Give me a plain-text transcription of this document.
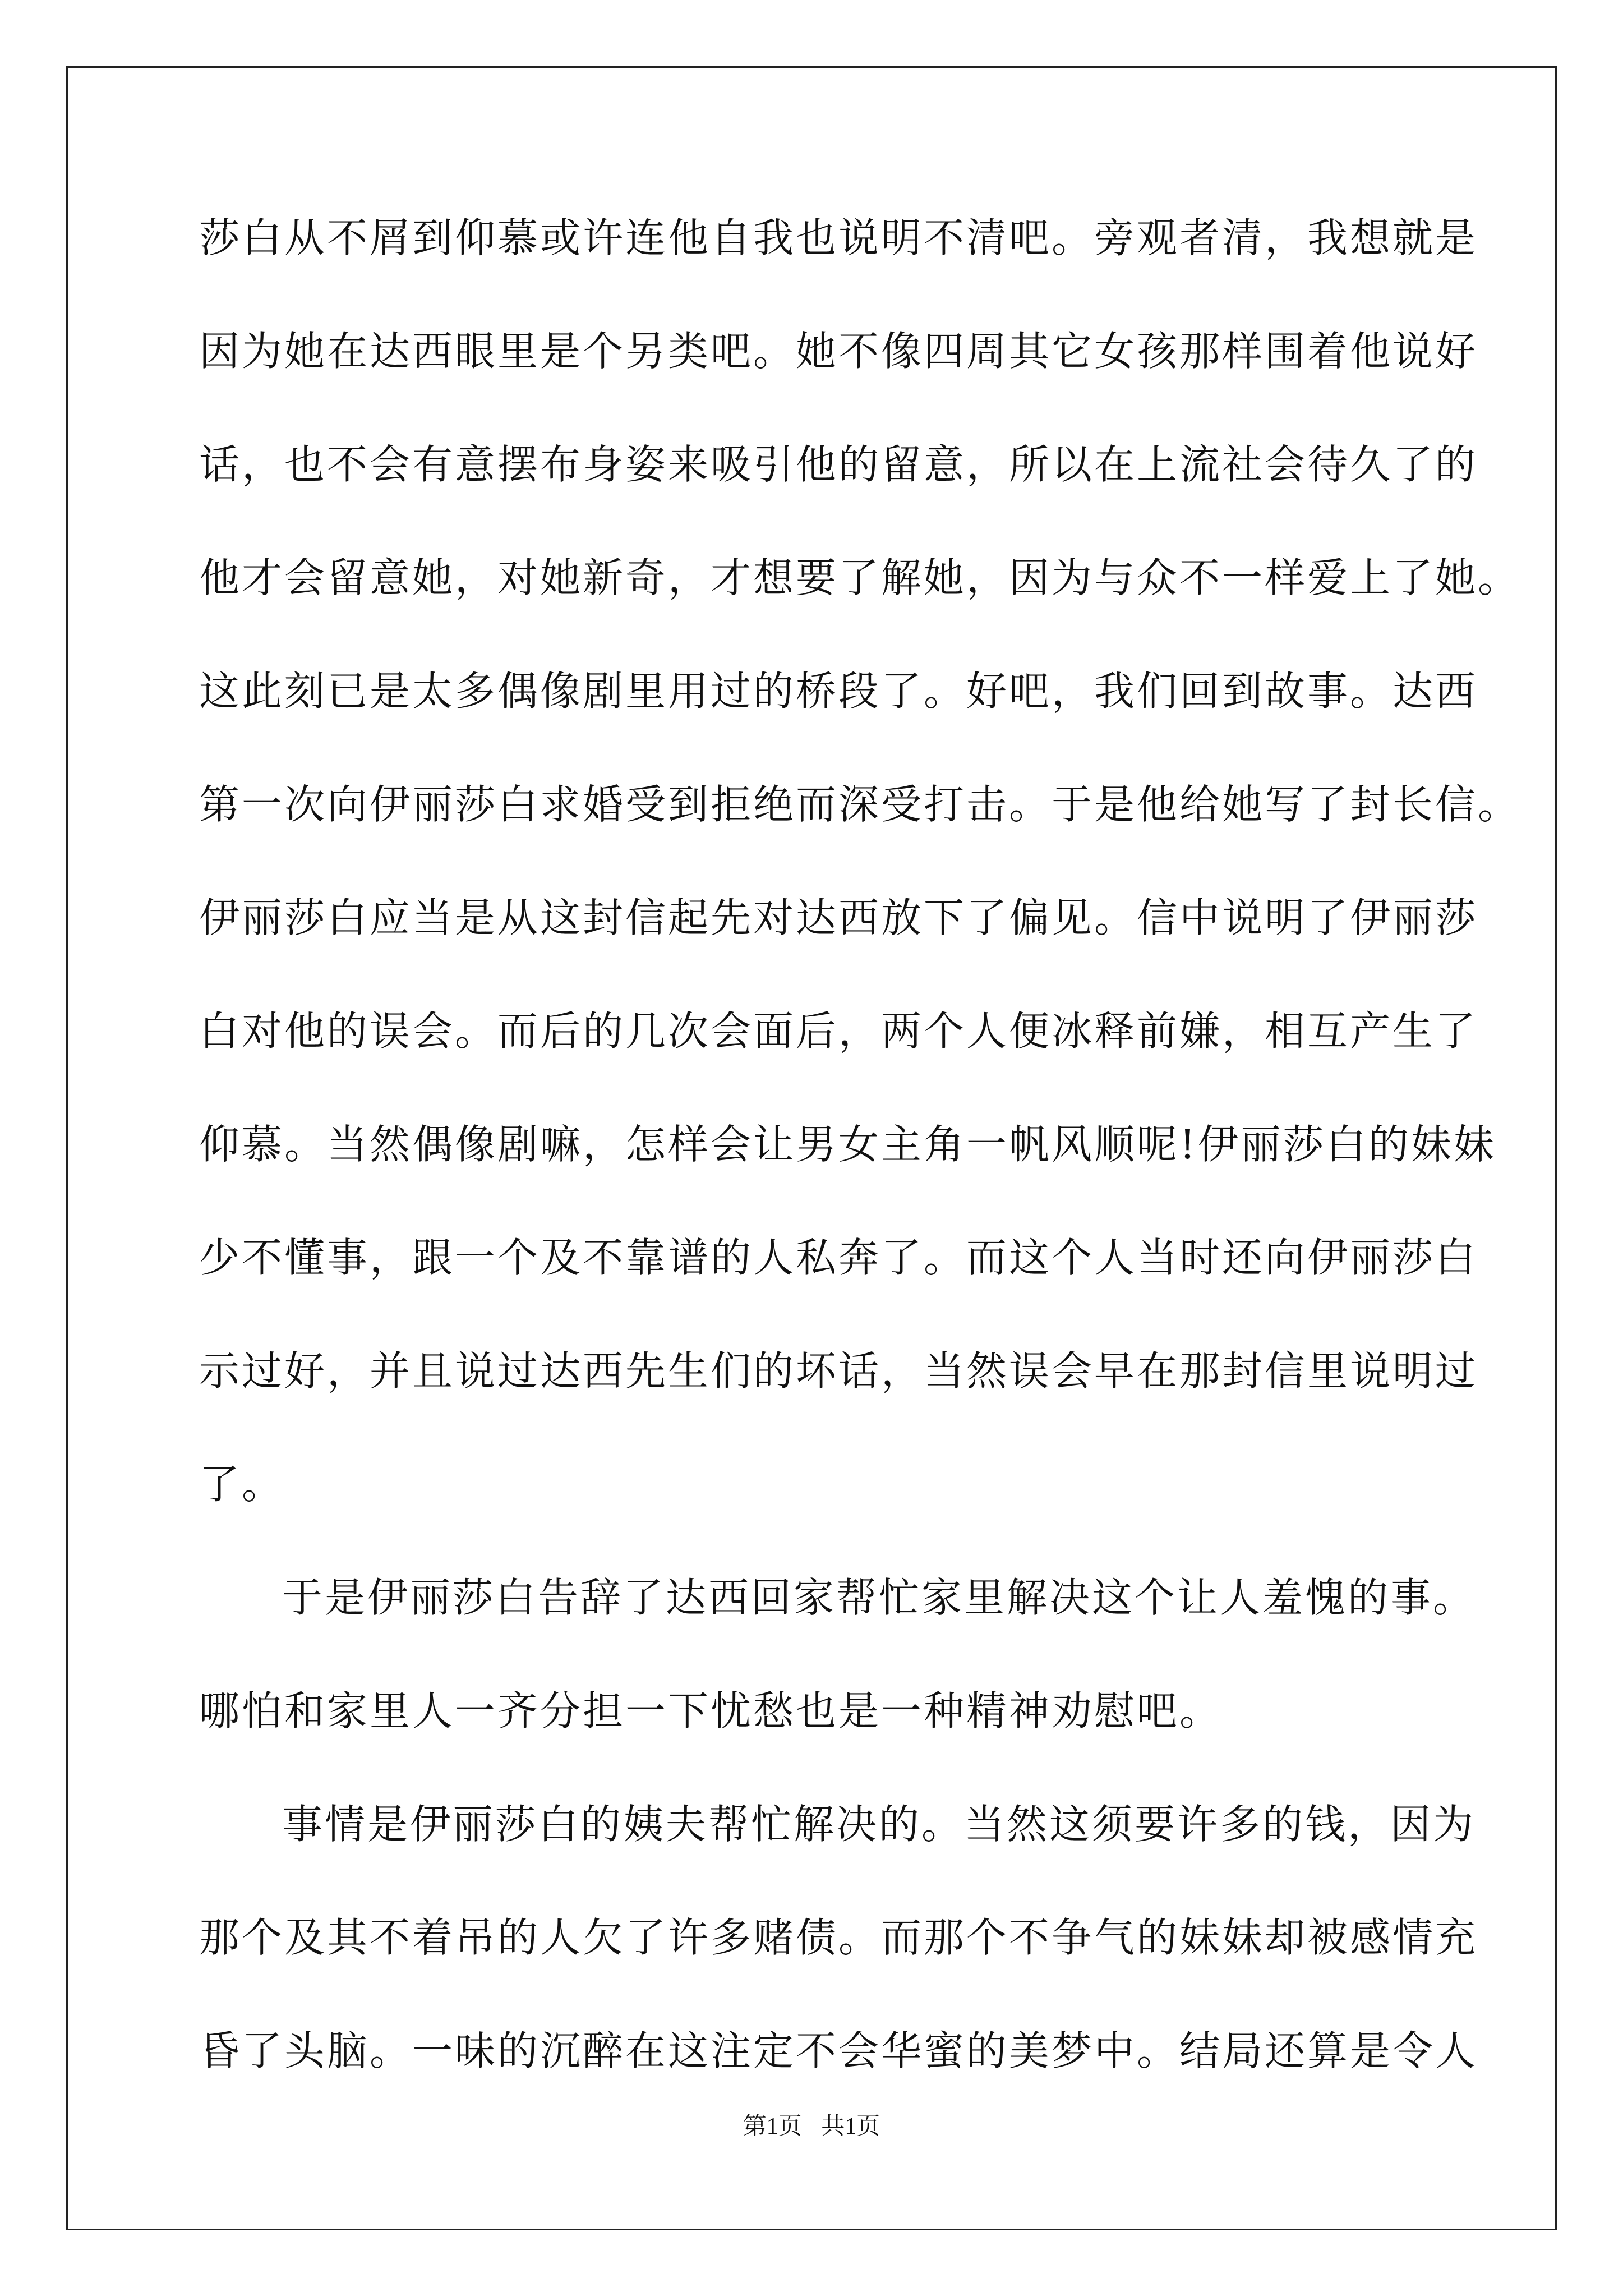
莎白从不屑到仰慕或许连他自我也说明不清吧。旁观者清，我想就是
因为她在达西眼里是个另类吧。她不像四周其它女孩那样围着他说好
话，也不会有意摆布身姿来吸引他的留意，所以在上流社会待久了的
他才会留意她，对她新奇，才想要了解她，因为与众不一样爱上了她。
这此刻已是太多偶像剧里用过的桥段了。好吧，我们回到故事。达西
第一次向伊丽莎白求婚受到拒绝而深受打击。于是他给她写了封长信。
伊丽莎白应当是从这封信起先对达西放下了偏见。信中说明了伊丽莎
白对他的误会。而后的几次会面后，两个人便冰释前嫌，相互产生了
仰慕。当然偶像剧嘛，怎样会让男女主角一帆风顺呢!伊丽莎白的妹妹
少不懂事，跟一个及不靠谱的人私奔了。而这个人当时还向伊丽莎白
示过好，并且说过达西先生们的坏话，当然误会早在那封信里说明过
了。
于是伊丽莎白告辞了达西回家帮忙家里解决这个让人羞愧的事。
哪怕和家里人一齐分担一下忧愁也是一种精神劝慰吧。
事情是伊丽莎白的姨夫帮忙解决的。当然这须要许多的钱，因为
那个及其不着吊的人欠了许多赌债。而那个不争气的妹妹却被感情充
昏了头脑。一味的沉醉在这注定不会华蜜的美梦中。结局还算是令人
第1页 共1页
